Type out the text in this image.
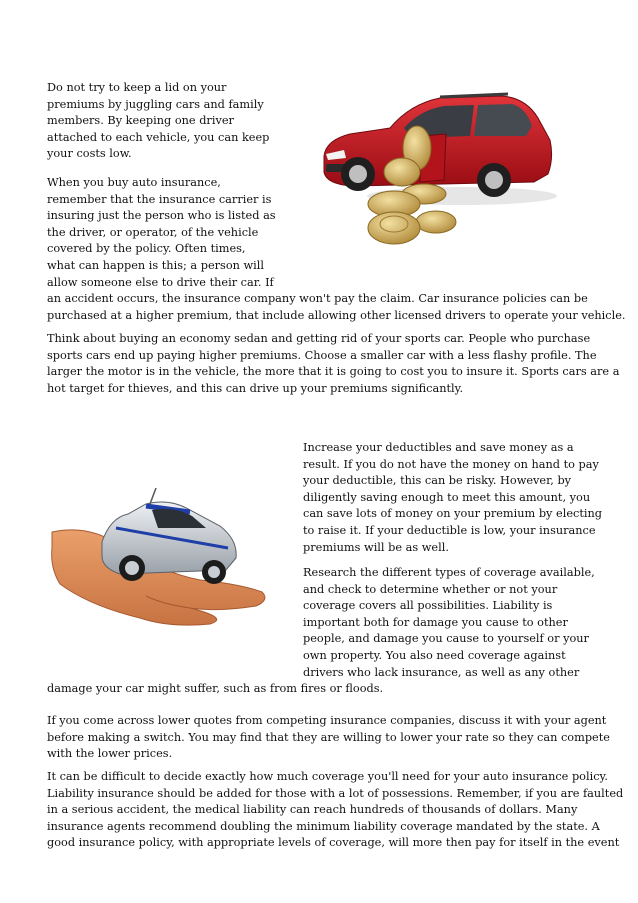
Do not try to keep a lid on your
premiums by juggling cars and family
members. By keeping one driver
attached to each vehicle, you can keep
your costs low.
When you buy auto insurance,
remember that the insurance carrier is
insuring just the person who is listed as
the driver, or operator, of the vehicle
covered by the policy. Often times,
what can happen is this; a person will
allow someone else to drive their car. If
an accident occurs, the insurance company won't pay the claim. Car insurance policies can be
purchased at a higher premium, that include allowing other licensed drivers to operate your vehicle.
Think about buying an economy sedan and getting rid of your sports car. People who purchase
sports cars end up paying higher premiums. Choose a smaller car with a less flashy profile. The
larger the motor is in the vehicle, the more that it is going to cost you to insure it. Sports cars are a
hot target for thieves, and this can drive up your premiums significantly.
Increase your deductibles and save money as a
result. If you do not have the money on hand to pay
your deductible, this can be risky. However, by
diligently saving enough to meet this amount, you
can save lots of money on your premium by electing
to raise it. If your deductible is low, your insurance
premiums will be as well.
Research the different types of coverage available,
and check to determine whether or not your
coverage covers all possibilities. Liability is
important both for damage you cause to other
people, and damage you cause to yourself or your
own property. You also need coverage against
drivers who lack insurance, as well as any other
damage your car might suffer, such as from fires or floods.
If you come across lower quotes from competing insurance companies, discuss it with your agent
before making a switch. You may find that they are willing to lower your rate so they can compete
with the lower prices.
It can be difficult to decide exactly how much coverage you'll need for your auto insurance policy.
Liability insurance should be added for those with a lot of possessions. Remember, if you are faulted
in a serious accident, the medical liability can reach hundreds of thousands of dollars. Many
insurance agents recommend doubling the minimum liability coverage mandated by the state. A
good insurance policy, with appropriate levels of coverage, will more then pay for itself in the event
